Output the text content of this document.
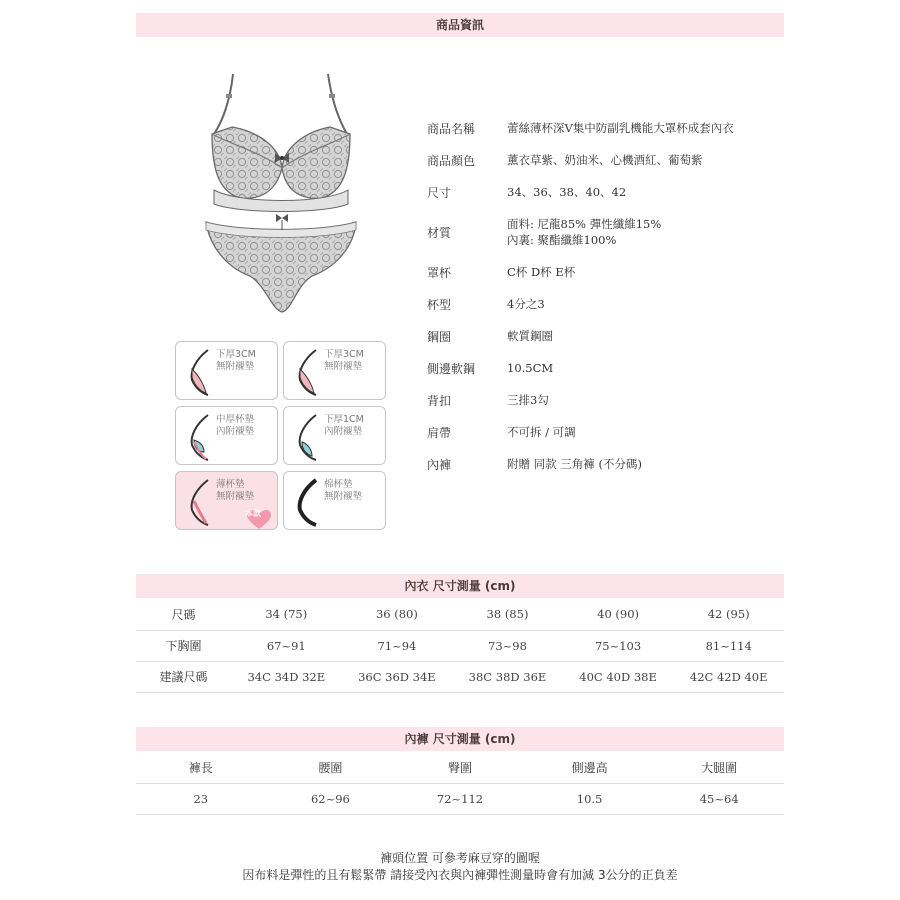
商品資訊
下厚3CM
無附襯墊
下厚3CM
無附襯墊
中厚杯墊
內附襯墊
下厚1CM
內附襯墊
薄杯墊
無附襯墊
本款
棉杯墊
無附襯墊
商品名稱	蕾絲薄杯深V集中防副乳機能大罩杯成套內衣
商品顏色	薰衣草紫、奶油米、心機酒紅、葡萄紫
尺寸	34、36、38、40、42
材質
面料: 尼龍85% 彈性纖維15%
內裏: 聚酯纖維100%
罩杯	C杯 D杯 E杯
杯型	4分之3
鋼圈	軟質鋼圈
側邊軟鋼	10.5CM
背扣	三排3勾
肩帶	不可拆 / 可調
內褲	附贈 同款 三角褲 (不分碼)
內衣 尺寸測量 (cm)
尺碼	34 (75)	36 (80)	38 (85)	40 (90)	42 (95)
下胸圍	67~91	71~94	73~98	75~103	81~114
建議尺碼	34C 34D 32E	36C 36D 34E	38C 38D 36E	40C 40D 38E	42C 42D 40E
內褲 尺寸測量 (cm)
褲長	腰圍	臀圍	側邊高	大腿圍
23	62~96	72~112	10.5	45~64
褲頭位置 可參考麻豆穿的圖喔
因布料是彈性的且有鬆緊帶 請接受內衣與內褲彈性測量時會有加減 3公分的正負差
